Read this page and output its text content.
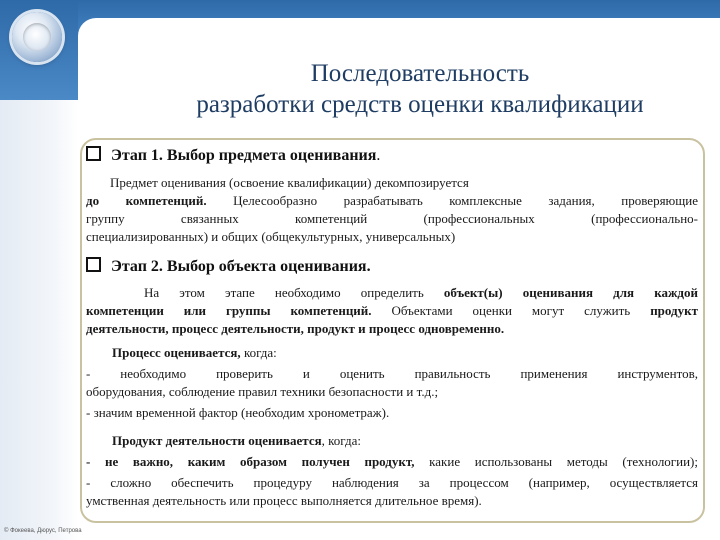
Последовательность
разработки средств оценки квалификации
Этап 1. Выбор предмета оценивания.
Предмет оценивания (освоение квалификации) декомпозируется
до компетенций. Целесообразно разрабатывать комплексные задания, проверяющие
группу связанных компетенций (профессиональных (профессионально-
специализированных) и общих (общекультурных, универсальных)
Этап 2. Выбор объекта оценивания.
На этом этапе необходимо определить объект(ы) оценивания для каждой
компетенции или группы компетенций. Объектами оценки могут служить продукт
деятельности, процесс деятельности, продукт и процесс одновременно.
Процесс оценивается, когда:
- необходимо проверить и оценить правильность применения инструментов,
оборудования, соблюдение правил техники безопасности и т.д.;
- значим временной фактор (необходим хронометраж).
Продукт деятельности оценивается, когда:
- не важно, каким образом получен продукт, какие использованы методы (технологии);
- сложно обеспечить процедуру наблюдения за процессом (например, осуществляется
умственная деятельность или процесс выполняется длительное время).
© Фокеева, Дюрус, Петрова
